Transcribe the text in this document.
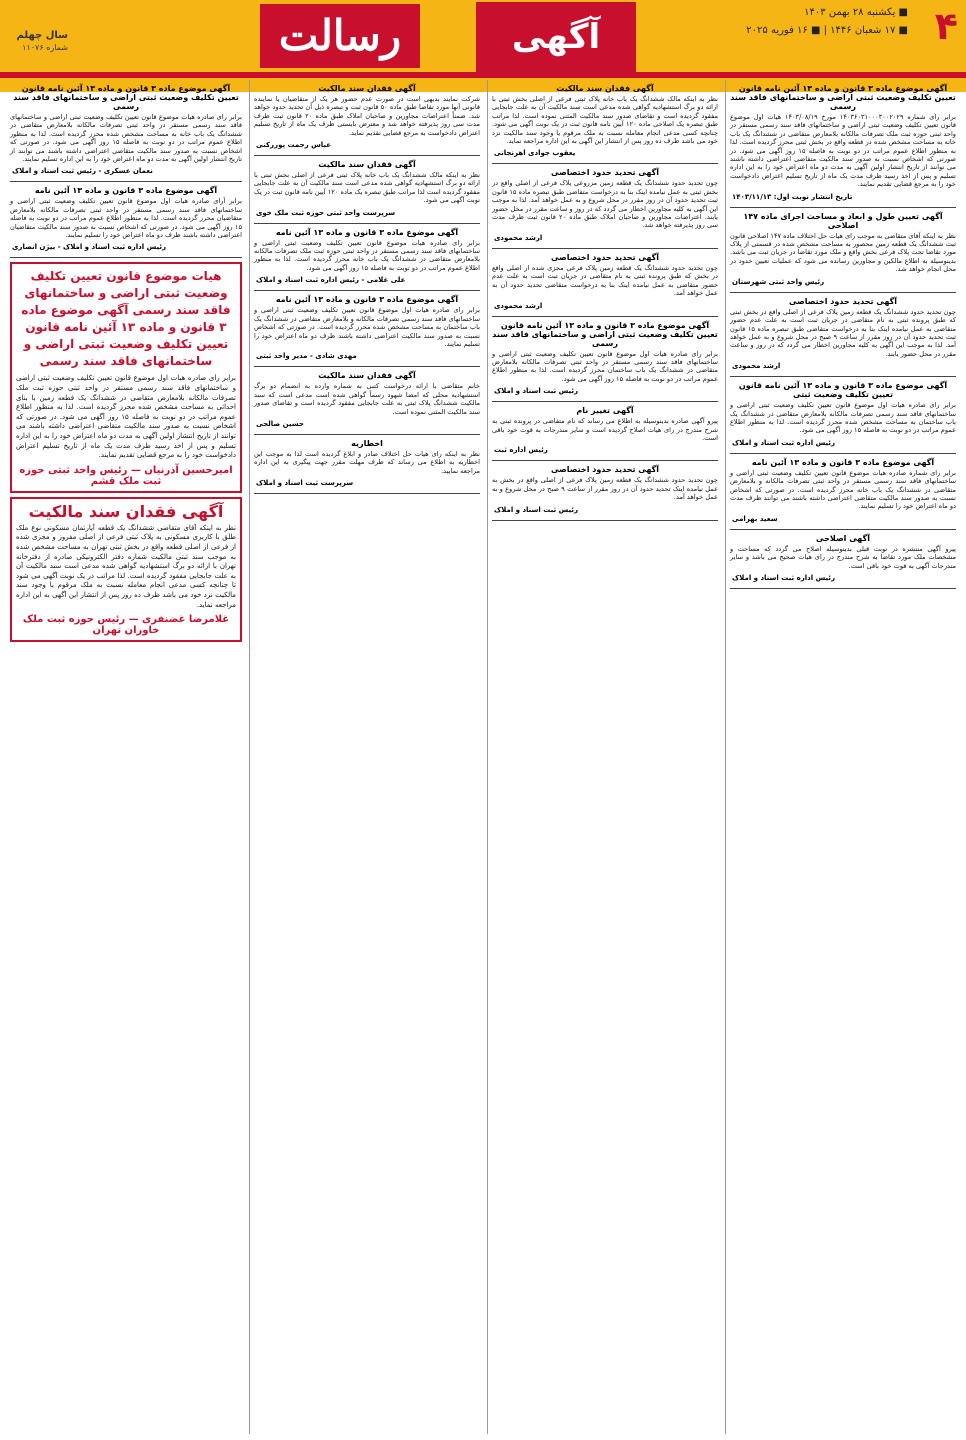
۴
■ یکشنبه ۲۸ بهمن ۱۴۰۳
■ ۱۷ شعبان ۱۴۴۶ | ■ ۱۶ فوریه ۲۰۲۵
آگهی
رسالت
سال چهلم
شماره ۱۱۰۷۶
آگهی موضوع ماده ۳ قانون و ماده ۱۳ آئین نامه قانون تعیین تکلیف وضعیت ثبتی اراضی و ساختمانهای فاقد سند رسمی
برابر رای شماره ۱۴۰۳۶۰۳۱۰۰۰۳۰۰۲۰۲۹ مورخ ۱۴۰۳/۰۸/۱۹ هیات اول موضوع قانون تعیین تکلیف وضعیت ثبتی اراضی و ساختمانهای فاقد سند رسمی مستقر در واحد ثبتی حوزه ثبت ملک تصرفات مالکانه بلامعارض متقاضی در ششدانگ یک باب خانه به مساحت مشخص شده در قطعه واقع در بخش ثبتی محرز گردیده است. لذا به منظور اطلاع عموم مراتب در دو نوبت به فاصله ۱۵ روز آگهی می شود. در صورتی که اشخاص نسبت به صدور سند مالکیت متقاضی اعتراضی داشته باشند می توانند از تاریخ انتشار اولین آگهی به مدت دو ماه اعتراض خود را به این اداره تسلیم و پس از اخذ رسید ظرف مدت یک ماه از تاریخ تسلیم اعتراض دادخواست خود را به مرجع قضایی تقدیم نمایند.
تاریخ انتشار نوبت اول: ۱۴۰۳/۱۱/۱۳
آگهی تعیین طول و ابعاد و مساحت اجرای ماده ۱۴۷ اصلاحی
نظر به اینکه آقای متقاضی به موجب رای هیات حل اختلاف ماده ۱۴۷ اصلاحی قانون ثبت ششدانگ یک قطعه زمین محصور به مساحت مشخص شده در قسمتی از پلاک مورد تقاضا تحت پلاک فرعی بخش واقع و ملک مورد تقاضا در جریان ثبت می باشد. بدینوسیله به اطلاع مالکین و مجاورین رسانده می شود که عملیات تعیین حدود در محل انجام خواهد شد.
رئیس واحد ثبتی شهرستان
آگهی تحدید حدود اختصاصی
چون تحدید حدود ششدانگ یک قطعه زمین پلاک فرعی از اصلی واقع در بخش ثبتی که طبق پرونده ثبتی به نام متقاضی در جریان ثبت است به علت عدم حضور متقاضی به عمل نیامده اینک بنا به درخواست متقاضی طبق تبصره ماده ۱۵ قانون ثبت تحدید حدود آن در روز مقرر از ساعت ۹ صبح در محل شروع و به عمل خواهد آمد. لذا به موجب این آگهی به کلیه مجاورین اخطار می گردد که در روز و ساعت مقرر در محل حضور یابند.
ارشد محمودی
آگهی موضوع ماده ۳ قانون و ماده ۱۳ آئین نامه قانون تعیین تکلیف وضعیت ثبتی
برابر رای صادره هیات اول موضوع قانون تعیین تکلیف وضعیت ثبتی اراضی و ساختمانهای فاقد سند رسمی تصرفات مالکانه بلامعارض متقاضی در ششدانگ یک باب ساختمان به مساحت مشخص شده محرز گردیده است. لذا به منظور اطلاع عموم مراتب در دو نوبت به فاصله ۱۵ روز آگهی می شود.
رئیس اداره ثبت اسناد و املاک
آگهی موضوع ماده ۳ قانون و ماده ۱۳ آئین نامه
برابر رای شماره صادره هیات موضوع قانون تعیین تکلیف وضعیت ثبتی اراضی و ساختمانهای فاقد سند رسمی مستقر در واحد ثبتی تصرفات مالکانه و بلامعارض متقاضی در ششدانگ یک باب خانه محرز گردیده است. در صورتی که اشخاص نسبت به صدور سند مالکیت متقاضی اعتراضی داشته باشند می توانند ظرف مدت دو ماه اعتراض خود را تسلیم نمایند.
سعید بهرامی
آگهی اصلاحی
پیرو آگهی منتشره در نوبت قبلی بدینوسیله اصلاح می گردد که مساحت و مشخصات ملک مورد تقاضا به شرح مندرج در رای هیات صحیح می باشد و سایر مندرجات آگهی به قوت خود باقی است.
رئیس اداره ثبت اسناد و املاک
آگهی فقدان سند مالکیت
نظر به اینکه مالک ششدانگ یک باب خانه پلاک ثبتی فرعی از اصلی بخش ثبتی با ارائه دو برگ استشهادیه گواهی شده مدعی است سند مالکیت آن به علت جابجایی مفقود گردیده است و تقاضای صدور سند مالکیت المثنی نموده است. لذا مراتب طبق تبصره یک اصلاحی ماده ۱۲۰ آیین نامه قانون ثبت در یک نوبت آگهی می شود. چنانچه کسی مدعی انجام معامله نسبت به ملک مرقوم یا وجود سند مالکیت نزد خود می باشد ظرف ده روز پس از انتشار این آگهی به این اداره مراجعه نماید.
یعقوب جوادی اهرنجانی
آگهی تحدید حدود اختصاصی
چون تحدید حدود ششدانگ یک قطعه زمین مزروعی پلاک فرعی از اصلی واقع در بخش ثبتی به عمل نیامده اینک بنا به درخواست متقاضی طبق تبصره ماده ۱۵ قانون ثبت تحدید حدود آن در روز مقرر در محل شروع و به عمل خواهد آمد. لذا به موجب این آگهی به کلیه مجاورین اخطار می گردد که در روز و ساعت مقرر در محل حضور یابند. اعتراضات مجاورین و صاحبان املاک طبق ماده ۲۰ قانون ثبت ظرف مدت سی روز پذیرفته خواهد شد.
ارشد محمودی
آگهی تحدید حدود اختصاصی
چون تحدید حدود ششدانگ یک قطعه زمین پلاک فرعی مجزی شده از اصلی واقع در بخش که طبق پرونده ثبتی به نام متقاضی در جریان ثبت است به علت عدم حضور متقاضی به عمل نیامده اینک بنا به درخواست متقاضی تحدید حدود آن به عمل خواهد آمد.
ارشد محمودی
آگهی موضوع ماده ۳ قانون و ماده ۱۳ آئین نامه قانون تعیین تکلیف وضعیت ثبتی اراضی و ساختمانهای فاقد سند رسمی
برابر رای صادره هیات اول موضوع قانون تعیین تکلیف وضعیت ثبتی اراضی و ساختمانهای فاقد سند رسمی مستقر در واحد ثبتی تصرفات مالکانه بلامعارض متقاضی در ششدانگ یک باب ساختمان محرز گردیده است. لذا به منظور اطلاع عموم مراتب در دو نوبت به فاصله ۱۵ روز آگهی می شود.
رئیس ثبت اسناد و املاک
آگهی تغییر نام
پیرو آگهی صادره بدینوسیله به اطلاع می رساند که نام متقاضی در پرونده ثبتی به شرح مندرج در رای هیات اصلاح گردیده است و سایر مندرجات به قوت خود باقی است.
رئیس اداره ثبت
آگهی تحدید حدود اختصاصی
چون تحدید حدود ششدانگ یک قطعه زمین پلاک فرعی از اصلی واقع در بخش به عمل نیامده اینک تحدید حدود آن در روز مقرر از ساعت ۹ صبح در محل شروع و به عمل خواهد آمد.
رئیس ثبت اسناد و املاک
آگهی فقدان سند مالکیت
شرکت نمایند بدیهی است در صورت عدم حضور هر یک از متقاضیان یا نماینده قانونی آنها مورد تقاضا طبق ماده ۵۰ قانون ثبت و تبصره ذیل آن تحدید حدود خواهد شد. ضمناً اعتراضات مجاورین و صاحبان املاک طبق ماده ۲۰ قانون ثبت ظرف مدت سی روز پذیرفته خواهد شد و معترض بایستی ظرف یک ماه از تاریخ تسلیم اعتراض دادخواست به مرجع قضایی تقدیم نماید.
عباس رحمت پوررکنی
آگهی فقدان سند مالکیت
نظر به اینکه مالک ششدانگ یک باب خانه پلاک ثبتی فرعی از اصلی بخش ثبتی با ارائه دو برگ استشهادیه گواهی شده مدعی است سند مالکیت آن به علت جابجایی مفقود گردیده است لذا مراتب طبق تبصره یک ماده ۱۲۰ آیین نامه قانون ثبت در یک نوبت آگهی می شود.
سرپرست واحد ثبتی حوزه ثبت ملک خوی
آگهی موضوع ماده ۳ قانون و ماده ۱۳ آئین نامه
برابر رای صادره هیات موضوع قانون تعیین تکلیف وضعیت ثبتی اراضی و ساختمانهای فاقد سند رسمی مستقر در واحد ثبتی حوزه ثبت ملک تصرفات مالکانه بلامعارض متقاضی در ششدانگ یک باب خانه محرز گردیده است. لذا به منظور اطلاع عموم مراتب در دو نوبت به فاصله ۱۵ روز آگهی می شود.
علی غلامی - رئیس اداره ثبت اسناد و املاک
آگهی موضوع ماده ۳ قانون و ماده ۱۳ آئین نامه
برابر رای صادره هیات اول موضوع قانون تعیین تکلیف وضعیت ثبتی اراضی و ساختمانهای فاقد سند رسمی تصرفات مالکانه و بلامعارض متقاضی در ششدانگ یک باب ساختمان به مساحت مشخص شده محرز گردیده است. در صورتی که اشخاص نسبت به صدور سند مالکیت اعتراضی داشته باشند ظرف دو ماه اعتراض خود را تسلیم نمایند.
مهدی شادی - مدیر واحد ثبتی
آگهی فقدان سند مالکیت
خانم متقاضی با ارائه درخواست کتبی به شماره وارده به انضمام دو برگ استشهادیه محلی که امضا شهود رسماً گواهی شده است مدعی است که سند مالکیت ششدانگ پلاک ثبتی به علت جابجایی مفقود گردیده است و تقاضای صدور سند مالکیت المثنی نموده است.
حسین صالحی
اخطاریه
نظر به اینکه رای هیات حل اختلاف صادر و ابلاغ گردیده است لذا به موجب این اخطاریه به اطلاع می رساند که ظرف مهلت مقرر جهت پیگیری به این اداره مراجعه نمایید.
سرپرست ثبت اسناد و املاک
آگهی موضوع ماده ۳ قانون و ماده ۱۳ آئین نامه قانون تعیین تکلیف وضعیت ثبتی اراضی و ساختمانهای فاقد سند رسمی
برابر رای صادره هیات موضوع قانون تعیین تکلیف وضعیت ثبتی اراضی و ساختمانهای فاقد سند رسمی مستقر در واحد ثبتی تصرفات مالکانه بلامعارض متقاضی در ششدانگ یک باب خانه به مساحت مشخص شده محرز گردیده است. لذا به منظور اطلاع عموم مراتب در دو نوبت به فاصله ۱۵ روز آگهی می شود. در صورتی که اشخاص نسبت به صدور سند مالکیت متقاضی اعتراضی داشته باشند می توانند از تاریخ انتشار اولین آگهی به مدت دو ماه اعتراض خود را به این اداره تسلیم نمایند.
نعمان عسکری - رئیس ثبت اسناد و املاک
آگهی موضوع ماده ۳ قانون و ماده ۱۳ آئین نامه
برابر آرای صادره هیات اول موضوع قانون تعیین تکلیف وضعیت ثبتی اراضی و ساختمانهای فاقد سند رسمی مستقر در واحد ثبتی تصرفات مالکانه بلامعارض متقاضیان محرز گردیده است. لذا به منظور اطلاع عموم مراتب در دو نوبت به فاصله ۱۵ روز آگهی می شود. در صورتی که اشخاص نسبت به صدور سند مالکیت متقاضیان اعتراضی داشته باشند ظرف دو ماه اعتراض خود را تسلیم نمایند.
رئیس اداره ثبت اسناد و املاک - بیژن انصاری
هیات موضوع قانون تعیین تکلیف وضعیت ثبتی اراضی و ساختمانهای فاقد سند رسمی آگهی موضوع ماده ۳ قانون و ماده ۱۳ آئین نامه قانون تعیین تکلیف وضعیت ثبتی اراضی و ساختمانهای فاقد سند رسمی
برابر رای صادره هیات اول موضوع قانون تعیین تکلیف وضعیت ثبتی اراضی و ساختمانهای فاقد سند رسمی مستقر در واحد ثبتی حوزه ثبت ملک تصرفات مالکانه بلامعارض متقاضی در ششدانگ یک قطعه زمین با بنای احداثی به مساحت مشخص شده محرز گردیده است. لذا به منظور اطلاع عموم مراتب در دو نوبت به فاصله ۱۵ روز آگهی می شود. در صورتی که اشخاص نسبت به صدور سند مالکیت متقاضی اعتراضی داشته باشند می توانند از تاریخ انتشار اولین آگهی به مدت دو ماه اعتراض خود را به این اداره تسلیم و پس از اخذ رسید ظرف مدت یک ماه از تاریخ تسلیم اعتراض دادخواست خود را به مرجع قضایی تقدیم نمایند.
امیرحسین آذرنیان — رئیس واحد ثبتی حوزه ثبت ملک قشم
آگهی فقدان سند مالکیت
نظر به اینکه آقای متقاضی ششدانگ یک قطعه آپارتمان مسکونی نوع ملک طلق با کاربری مسکونی به پلاک ثبتی فرعی از اصلی مفروز و مجزی شده از فرعی از اصلی قطعه واقع در بخش ثبتی تهران به مساحت مشخص شده به موجب سند ثبتی مالکیت شماره دفتر الکترونیکی صادره از دفترخانه تهران با ارائه دو برگ استشهادیه گواهی شده مدعی است سند مالکیت آن به علت جابجایی مفقود گردیده است. لذا مراتب در یک نوبت آگهی می شود تا چنانچه کسی مدعی انجام معامله نسبت به ملک مرقوم یا وجود سند مالکیت نزد خود می باشد ظرف ده روز پس از انتشار این آگهی به این اداره مراجعه نماید.
غلامرضا غضنفری — رئیس حوزه ثبت ملک خاوران تهران
